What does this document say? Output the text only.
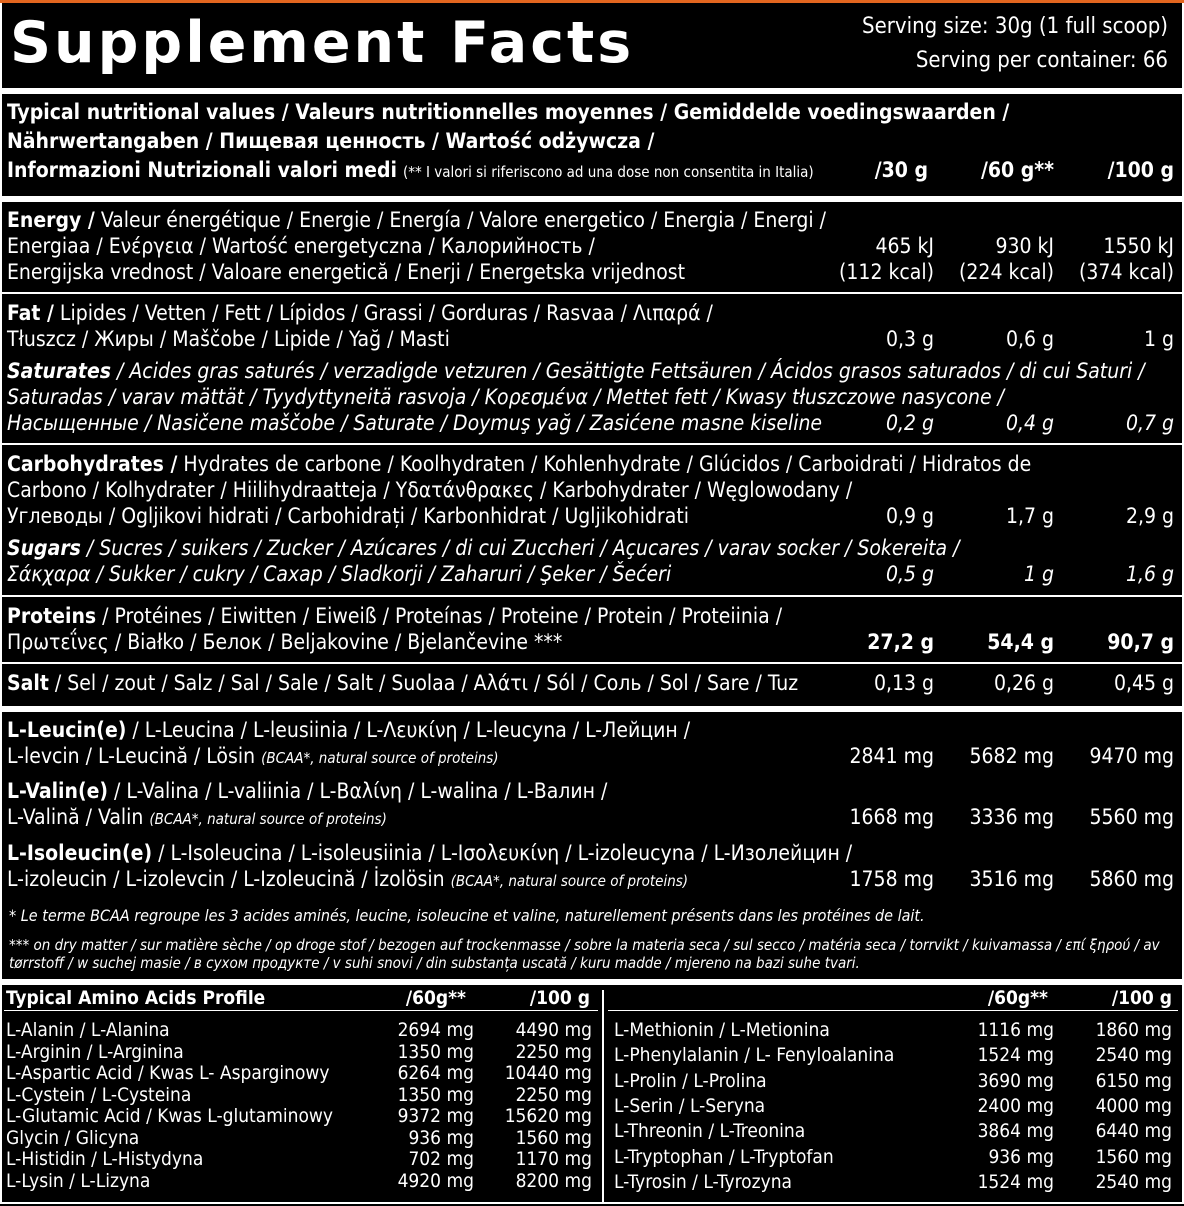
Supplement Facts	Serving size: 30g (1 full scoop)
Serving per container: 66
Typical nutritional values / Valeurs nutritionnelles moyennes / Gemiddelde voedingswaarden /
Nährwertangaben / Пищевая ценность / Wartość odżywcza /
Informazioni Nutrizionali valori medi (** I valori si riferiscono ad una dose non consentita in Italia)	/30 g	/60 g**	/100 g
Energy / Valeur énergétique / Energie / Energía / Valore energetico / Energia / Energi /
Energiaa / Ενέργεια / Wartość energetyczna / Калорийность /
Energijska vrednost / Valoare energetică / Enerji / Energetska vrijednost
465 kJ	930 kJ 1550 kJ
(112 kcal) (224 kcal) (374 kcal)
Fat / Lipides / Vetten / Fett / Lípidos / Grassi / Gorduras / Rasvaa / Λιπαρά /
Tłuszcz / Жиры / Maščobe / Lipide / Yağ / Masti	0,3 g	0,6 g	1 g
Saturates / Acides gras saturés / verzadigde vetzuren / Gesättigte Fettsäuren / Ácidos grasos saturados / di cui Saturi /
Saturadas / varav mättät / Tyydyttyneitä rasvoja / Κορεσμένα / Mettet fett / Kwasy tłuszczowe nasycone /
Насыщенные / Nasičene maščobe / Saturate / Doymuş yağ / Zasićene masne kiseline	0,2 g	0,4 g	0,7 g
Carbohydrates / Hydrates de carbone / Koolhydraten / Kohlenhydrate / Glúcidos / Carboidrati / Hidratos de
Carbono / Kolhydrater / Hiilihydraatteja / Υδατάνθρακες / Karbohydrater / Węglowodany /
Углеводы / Ogljikovi hidrati / Carbohidrați / Karbonhidrat / Ugljikohidrati	0,9 g	1,7 g	2,9 g
Sugars / Sucres / suikers / Zucker / Azúcares / di cui Zuccheri / Açucares / varav socker / Sokereita /
Σάκχαρα / Sukker / cukry / Сахар / Sladkorji / Zaharuri / Şeker / Šećeri	0,5 g	1 g	1,6 g
Proteins / Protéines / Eiwitten / Eiweiß / Proteínas / Proteine / Protein / Proteiinia /
Πρωτεΐνες / Białko / Белок / Beljakovine / Bjelančevine ***	27,2 g	54,4 g	90,7 g
Salt / Sel / zout / Salz / Sal / Sale / Salt / Suolaa / Αλάτι / Sól / Соль / Sol / Sare / Tuz	0,13 g	0,26 g	0,45 g
L-Leucin(e) / L-Leucina / L-leusiinia / L-Λευκίνη / L-leucyna / L-Лейцин /
L-levcin / L-Leucină / Lösin (BCAA*, natural source of proteins)	2841 mg 5682 mg 9470 mg
L-Valin(e) / L-Valina / L-valiinia / L-Βαλίνη / L-walina / L-Валин /
L-Valină / Valin (BCAA*, natural source of proteins)	1668 mg 3336 mg 5560 mg
L-Isoleucin(e) / L-Isoleucina / L-isoleusiinia / L-Ισολευκίνη / L-izoleucyna / L-Изолейцин /
L-izoleucin / L-izolevcin / L-Izoleucină / İzolösin (BCAA*, natural source of proteins)	1758 mg 3516 mg 5860 mg
* Le terme BCAA regroupe les 3 acides aminés, leucine, isoleucine et valine, naturellement présents dans les protéines de lait.
*** on dry matter / sur matière sèche / op droge stof / bezogen auf trockenmasse / sobre la materia seca / sul secco / matéria seca / torrvikt / kuivamassa / επί ξηρού / av
tørrstoff / w suchej masie / в сухом продукте / v suhi snovi / din substanța uscată / kuru madde / mjereno na bazi suhe tvari.
Typical Amino Acids Profile	/60g**	/100 g	/60g**	/100 g
L-Alanin / L-Alanina	2694 mg 4490 mg
L-Arginin / L-Arginina	1350 mg 2250 mg
L-Aspartic Acid / Kwas L- Asparginowy	6264 mg 10440 mg
L-Cystein / L-Cysteina	1350 mg 2250 mg
L-Glutamic Acid / Kwas L-glutaminowy	9372 mg 15620 mg
Glycin / Glicyna	936 mg 1560 mg
L-Histidin / L-Histydyna	702 mg 1170 mg
L-Lysin / L-Lizyna	4920 mg 8200 mg
L-Methionin / L-Metionina	1116 mg 1860 mg
L-Phenylalanin / L- Fenyloalanina	1524 mg 2540 mg
L-Prolin / L-Prolina	3690 mg 6150 mg
L-Serin / L-Seryna	2400 mg 4000 mg
L-Threonin / L-Treonina	3864 mg 6440 mg
L-Tryptophan / L-Tryptofan	936 mg 1560 mg
L-Tyrosin / L-Tyrozyna	1524 mg 2540 mg
